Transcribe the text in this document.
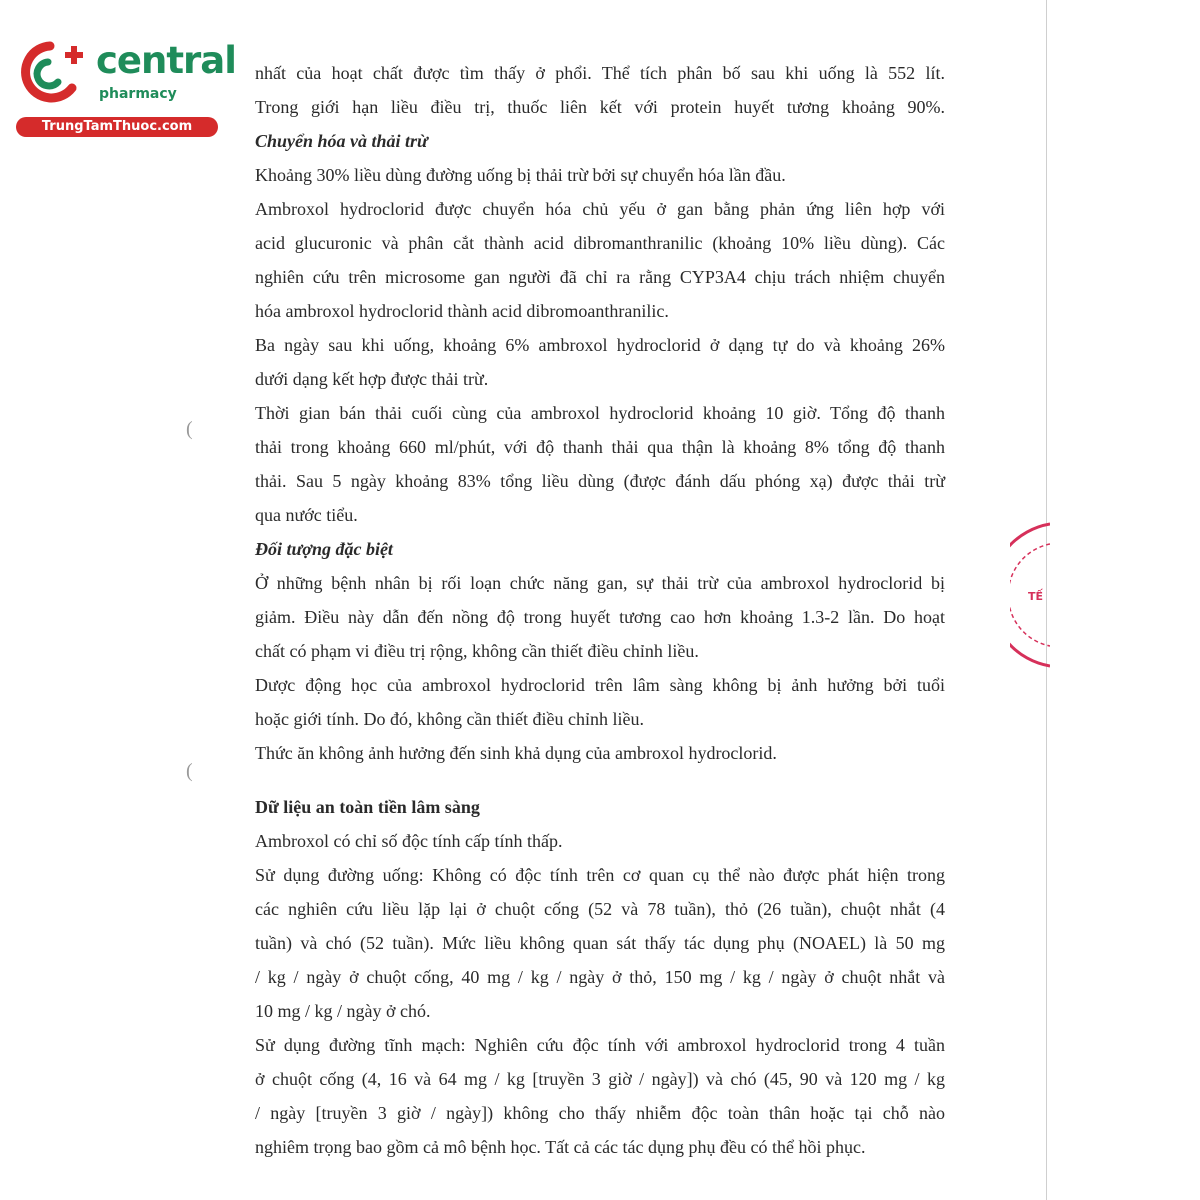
central
pharmacy
TrungTamThuoc.com
nhất của hoạt chất được tìm thấy ở phổi. Thể tích phân bố sau khi uống là 552 lít.
Trong giới hạn liều điều trị, thuốc liên kết với protein huyết tương khoảng 90%.
Chuyển hóa và thải trừ
Khoảng 30% liều dùng đường uống bị thải trừ bởi sự chuyển hóa lần đầu.
Ambroxol hydroclorid được chuyển hóa chủ yếu ở gan bằng phản ứng liên hợp với
acid glucuronic và phân cắt thành acid dibromanthranilic (khoảng 10% liều dùng). Các
nghiên cứu trên microsome gan người đã chỉ ra rằng CYP3A4 chịu trách nhiệm chuyển
hóa ambroxol hydroclorid thành acid dibromoanthranilic.
Ba ngày sau khi uống, khoảng 6% ambroxol hydroclorid ở dạng tự do và khoảng 26%
dưới dạng kết hợp được thải trừ.
Thời gian bán thải cuối cùng của ambroxol hydroclorid khoảng 10 giờ. Tổng độ thanh
thải trong khoảng 660 ml/phút, với độ thanh thải qua thận là khoảng 8% tổng độ thanh
thải. Sau 5 ngày khoảng 83% tổng liều dùng (được đánh dấu phóng xạ) được thải trừ
qua nước tiểu.
Đối tượng đặc biệt
Ở những bệnh nhân bị rối loạn chức năng gan, sự thải trừ của ambroxol hydroclorid bị
giảm. Điều này dẫn đến nồng độ trong huyết tương cao hơn khoảng 1.3-2 lần. Do hoạt
chất có phạm vi điều trị rộng, không cần thiết điều chỉnh liều.
Dược động học của ambroxol hydroclorid trên lâm sàng không bị ảnh hưởng bởi tuổi
hoặc giới tính. Do đó, không cần thiết điều chỉnh liều.
Thức ăn không ảnh hưởng đến sinh khả dụng của ambroxol hydroclorid.
Dữ liệu an toàn tiền lâm sàng
Ambroxol có chỉ số độc tính cấp tính thấp.
Sử dụng đường uống: Không có độc tính trên cơ quan cụ thể nào được phát hiện trong
các nghiên cứu liều lặp lại ở chuột cống (52 và 78 tuần), thỏ (26 tuần), chuột nhắt (4
tuần) và chó (52 tuần). Mức liều không quan sát thấy tác dụng phụ (NOAEL) là 50 mg
/ kg / ngày ở chuột cống, 40 mg / kg / ngày ở thỏ, 150 mg / kg / ngày ở chuột nhắt và
10 mg / kg / ngày ở chó.
Sử dụng đường tĩnh mạch: Nghiên cứu độc tính với ambroxol hydroclorid trong 4 tuần
ở chuột cống (4, 16 và 64 mg / kg [truyền 3 giờ / ngày]) và chó (45, 90 và 120 mg / kg
/ ngày [truyền 3 giờ / ngày]) không cho thấy nhiễm độc toàn thân hoặc tại chỗ nào
nghiêm trọng bao gồm cả mô bệnh học. Tất cả các tác dụng phụ đều có thể hồi phục.
(
(
TẾ
